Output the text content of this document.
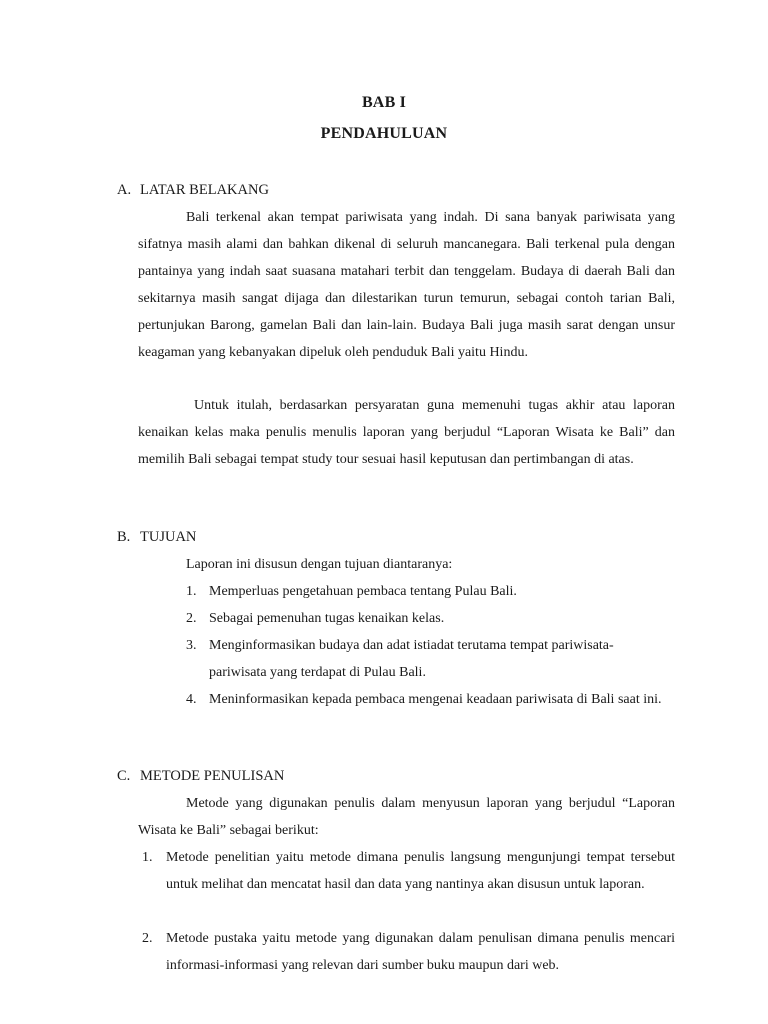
BAB I
PENDAHULUAN
A. LATAR BELAKANG

Bali terkenal akan tempat pariwisata yang indah. Di sana banyak pariwisata yang sifatnya masih alami dan bahkan dikenal di seluruh mancanegara. Bali terkenal pula dengan pantainya yang indah saat suasana matahari terbit dan tenggelam. Budaya di daerah Bali dan sekitarnya masih sangat dijaga dan dilestarikan turun temurun, sebagai contoh tarian Bali, pertunjukan Barong, gamelan Bali dan lain-lain. Budaya Bali juga masih sarat dengan unsur keagaman yang kebanyakan dipeluk oleh penduduk Bali yaitu Hindu.

Untuk itulah, berdasarkan persyaratan guna memenuhi tugas akhir atau laporan kenaikan kelas maka penulis menulis laporan yang berjudul “Laporan Wisata ke Bali” dan memilih Bali sebagai tempat study tour sesuai hasil keputusan dan pertimbangan di atas.

B. TUJUAN

Laporan ini disusun dengan tujuan diantaranya:

1. Memperluas pengetahuan pembaca tentang Pulau Bali.
2. Sebagai pemenuhan tugas kenaikan kelas.
3. Menginformasikan budaya dan adat istiadat terutama tempat pariwisata-pariwisata yang terdapat di Pulau Bali.
4. Meninformasikan kepada pembaca mengenai keadaan pariwisata di Bali saat ini.
C. METODE PENULISAN

Metode yang digunakan penulis dalam menyusun laporan yang berjudul “Laporan Wisata ke Bali” sebagai berikut:

1. Metode penelitian yaitu metode dimana penulis langsung mengunjungi tempat tersebut untuk melihat dan mencatat hasil dan data yang nantinya akan disusun untuk laporan.
2. Metode pustaka yaitu metode yang digunakan dalam penulisan dimana penulis mencari informasi-informasi yang relevan dari sumber buku maupun dari web.
